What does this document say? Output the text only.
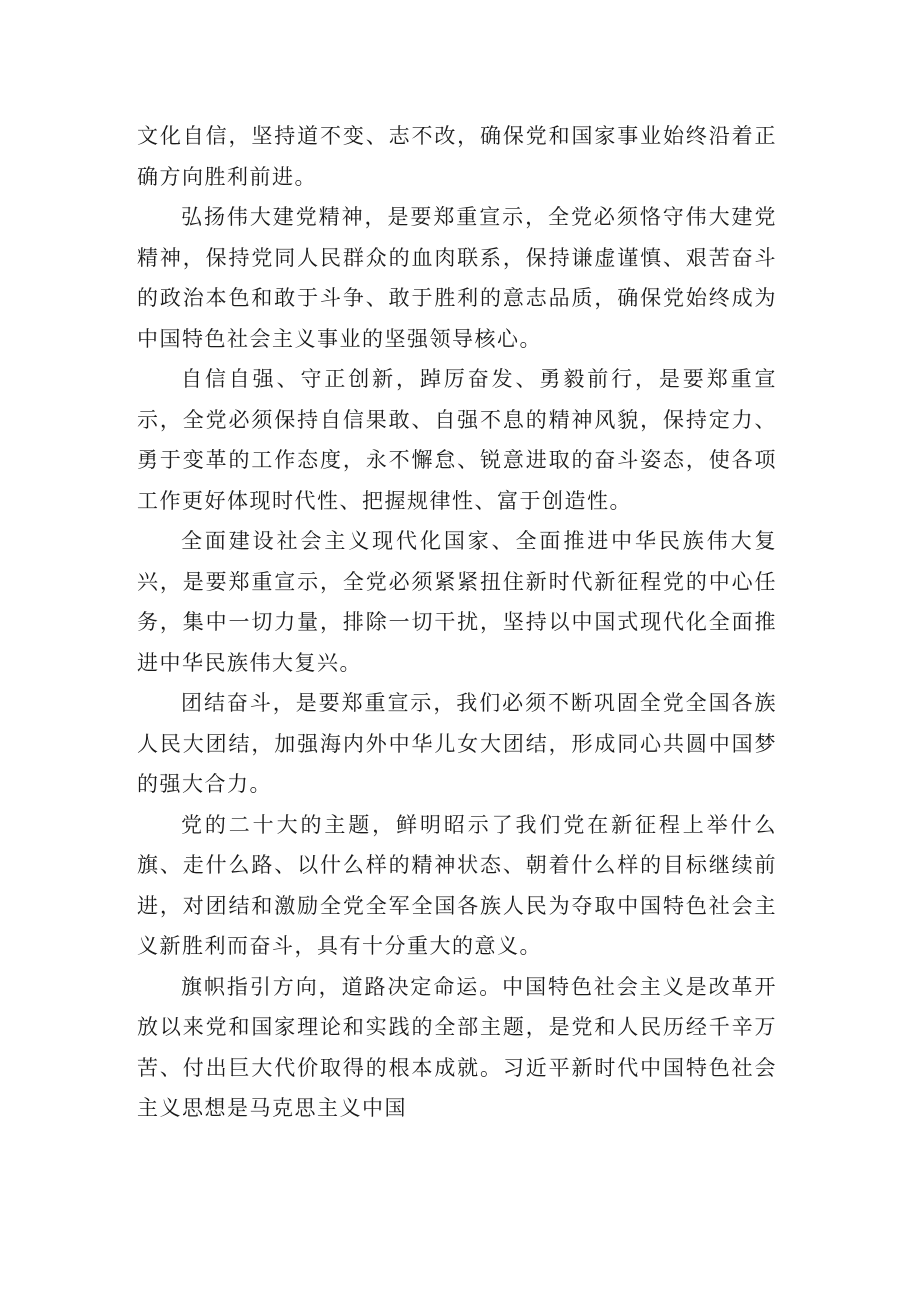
文化自信，坚持道不变、志不改，确保党和国家事业始终沿着正确方向胜利前进。

弘扬伟大建党精神，是要郑重宣示，全党必须恪守伟大建党精神，保持党同人民群众的血肉联系，保持谦虚谨慎、艰苦奋斗的政治本色和敢于斗争、敢于胜利的意志品质，确保党始终成为中国特色社会主义事业的坚强领导核心。

自信自强、守正创新，踔厉奋发、勇毅前行，是要郑重宣示，全党必须保持自信果敢、自强不息的精神风貌，保持定力、勇于变革的工作态度，永不懈怠、锐意进取的奋斗姿态，使各项工作更好体现时代性、把握规律性、富于创造性。

全面建设社会主义现代化国家、全面推进中华民族伟大复兴，是要郑重宣示，全党必须紧紧扭住新时代新征程党的中心任务，集中一切力量，排除一切干扰，坚持以中国式现代化全面推进中华民族伟大复兴。

团结奋斗，是要郑重宣示，我们必须不断巩固全党全国各族人民大团结，加强海内外中华儿女大团结，形成同心共圆中国梦的强大合力。

党的二十大的主题，鲜明昭示了我们党在新征程上举什么旗、走什么路、以什么样的精神状态、朝着什么样的目标继续前进，对团结和激励全党全军全国各族人民为夺取中国特色社会主义新胜利而奋斗，具有十分重大的意义。

旗帜指引方向，道路决定命运。中国特色社会主义是改革开放以来党和国家理论和实践的全部主题，是党和人民历经千辛万苦、付出巨大代价取得的根本成就。习近平新时代中国特色社会主义思想是马克思主义中国
